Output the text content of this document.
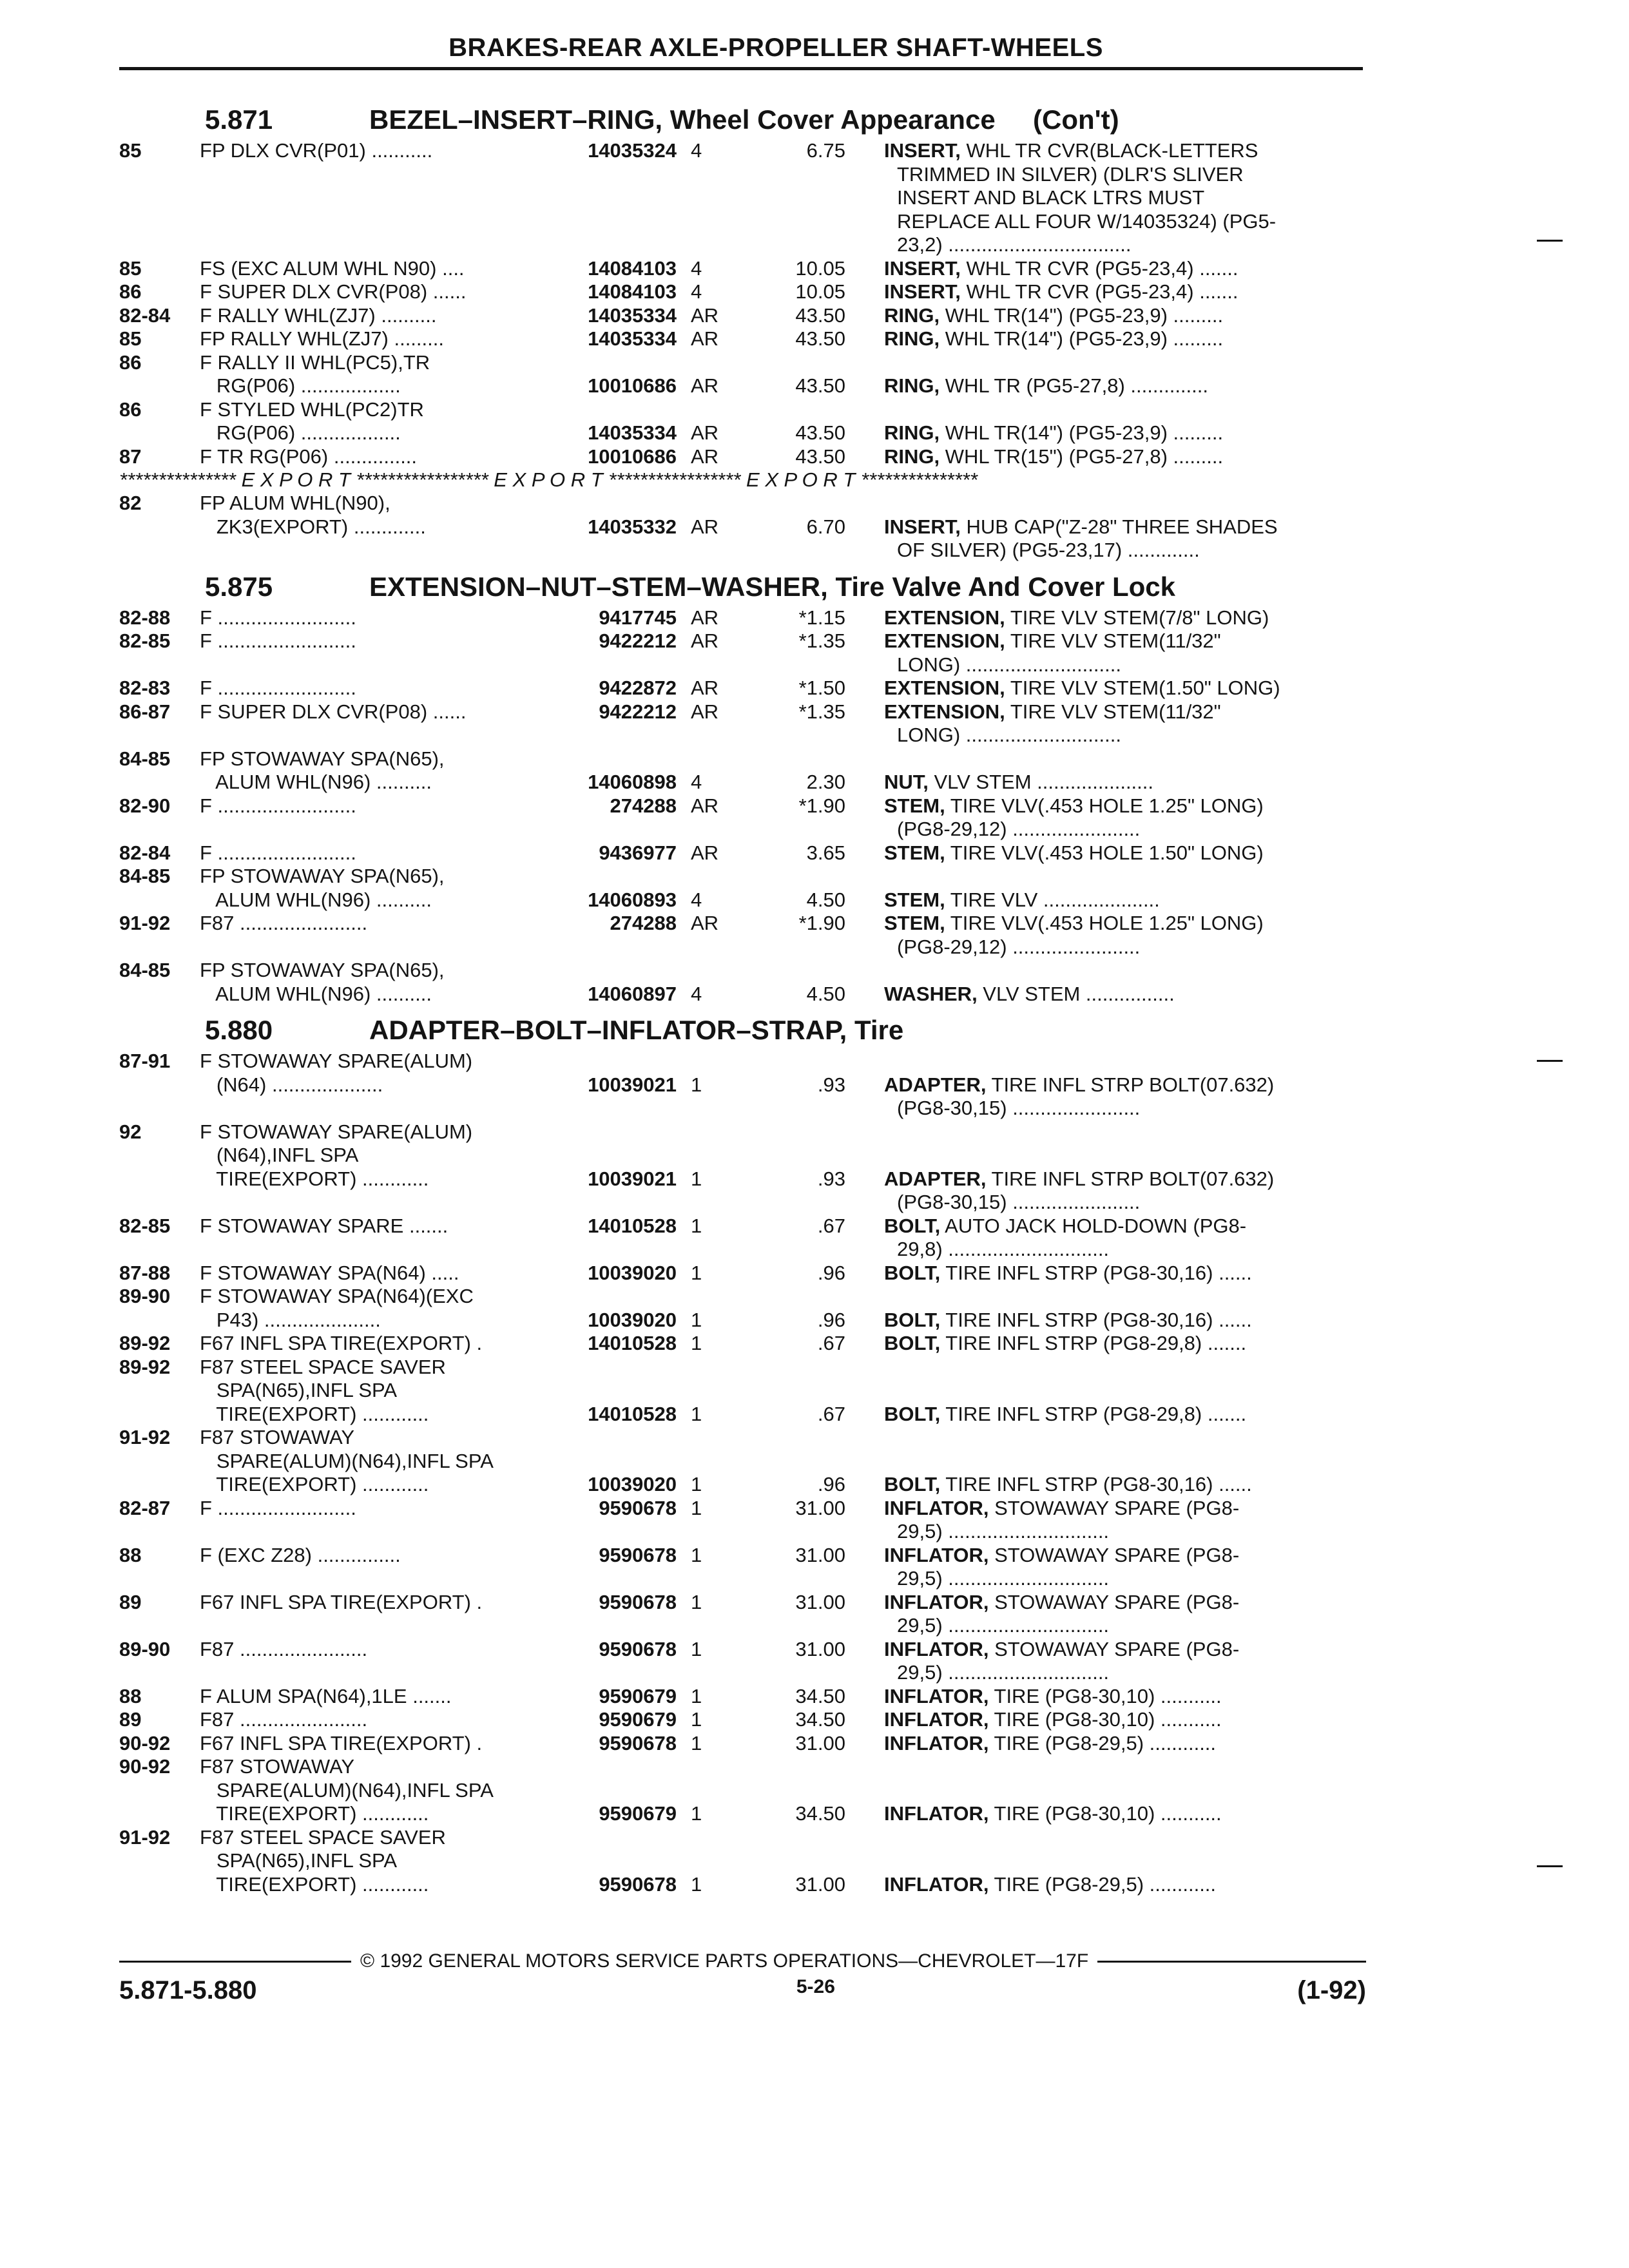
BRAKES-REAR AXLE-PROPELLER SHAFT-WHEELS
5.871	BEZEL–INSERT–RING, Wheel Cover Appearance     (Con't)
85	FP DLX CVR(P01) ...........	14035324 4	6.75	INSERT, WHL TR CVR(BLACK-LETTERS
TRIMMED IN SILVER) (DLR'S SLIVER
INSERT AND BLACK LTRS MUST
REPLACE ALL FOUR W/14035324) (PG5-
23,2) .................................
85	FS (EXC ALUM WHL N90) ....	14084103 4	10.05	INSERT, WHL TR CVR (PG5-23,4) .......
86	F SUPER DLX CVR(P08) ......	14084103 4	10.05	INSERT, WHL TR CVR (PG5-23,4) .......
82-84	F RALLY WHL(ZJ7) ..........	14035334 AR	43.50	RING, WHL TR(14") (PG5-23,9) .........
85	FP RALLY WHL(ZJ7) .........	14035334 AR	43.50	RING, WHL TR(14") (PG5-23,9) .........
86	F RALLY II WHL(PC5),TR
RG(P06) ..................	10010686 AR	43.50	RING, WHL TR (PG5-27,8) ..............
86	F STYLED WHL(PC2)TR
RG(P06) ..................	14035334 AR	43.50	RING, WHL TR(14") (PG5-23,9) .........
87	F TR RG(P06) ...............	10010686 AR	43.50	RING, WHL TR(15") (PG5-27,8) .........
*************** E X P O R T ***************** E X P O R T ***************** E X P O R T ***************
82	FP ALUM WHL(N90),
ZK3(EXPORT) .............	14035332 AR	6.70	INSERT, HUB CAP("Z-28" THREE SHADES
OF SILVER) (PG5-23,17) .............
5.875	EXTENSION–NUT–STEM–WASHER, Tire Valve And Cover Lock
82-88	F .........................	9417745 AR	*1.15	EXTENSION, TIRE VLV STEM(7/8" LONG)
82-85	F .........................	9422212 AR	*1.35	EXTENSION, TIRE VLV STEM(11/32"
LONG) ............................
82-83	F .........................	9422872 AR	*1.50	EXTENSION, TIRE VLV STEM(1.50" LONG)
86-87	F SUPER DLX CVR(P08) ......	9422212 AR	*1.35	EXTENSION, TIRE VLV STEM(11/32"
LONG) ............................
84-85	FP STOWAWAY SPA(N65),
ALUM WHL(N96) ..........	14060898 4	2.30	NUT, VLV STEM .....................
82-90	F .........................	274288 AR	*1.90	STEM, TIRE VLV(.453 HOLE 1.25" LONG)
(PG8-29,12) .......................
82-84	F .........................	9436977 AR	3.65	STEM, TIRE VLV(.453 HOLE 1.50" LONG)
84-85	FP STOWAWAY SPA(N65),
ALUM WHL(N96) ..........	14060893 4	4.50	STEM, TIRE VLV .....................
91-92	F87 .......................	274288 AR	*1.90	STEM, TIRE VLV(.453 HOLE 1.25" LONG)
(PG8-29,12) .......................
84-85	FP STOWAWAY SPA(N65),
ALUM WHL(N96) ..........	14060897 4	4.50	WASHER, VLV STEM ................
5.880	ADAPTER–BOLT–INFLATOR–STRAP, Tire
87-91	F STOWAWAY SPARE(ALUM)
(N64) ....................	10039021 1	.93	ADAPTER, TIRE INFL STRP BOLT(07.632)
(PG8-30,15) .......................
92	F STOWAWAY SPARE(ALUM)
(N64),INFL SPA
TIRE(EXPORT) ............	10039021 1	.93	ADAPTER, TIRE INFL STRP BOLT(07.632)
(PG8-30,15) .......................
82-85	F STOWAWAY SPARE .......	14010528 1	.67	BOLT, AUTO JACK HOLD-DOWN (PG8-
29,8) .............................
87-88	F STOWAWAY SPA(N64) .....	10039020 1	.96	BOLT, TIRE INFL STRP (PG8-30,16) ......
89-90	F STOWAWAY SPA(N64)(EXC
P43) .....................	10039020 1	.96	BOLT, TIRE INFL STRP (PG8-30,16) ......
89-92	F67 INFL SPA TIRE(EXPORT) .	14010528 1	.67	BOLT, TIRE INFL STRP (PG8-29,8) .......
89-92	F87 STEEL SPACE SAVER
SPA(N65),INFL SPA
TIRE(EXPORT) ............	14010528 1	.67	BOLT, TIRE INFL STRP (PG8-29,8) .......
91-92	F87 STOWAWAY
SPARE(ALUM)(N64),INFL SPA
TIRE(EXPORT) ............	10039020 1	.96	BOLT, TIRE INFL STRP (PG8-30,16) ......
82-87	F .........................	9590678 1	31.00	INFLATOR, STOWAWAY SPARE (PG8-
29,5) .............................
88	F (EXC Z28) ...............	9590678 1	31.00	INFLATOR, STOWAWAY SPARE (PG8-
29,5) .............................
89	F67 INFL SPA TIRE(EXPORT) .	9590678 1	31.00	INFLATOR, STOWAWAY SPARE (PG8-
29,5) .............................
89-90	F87 .......................	9590678 1	31.00	INFLATOR, STOWAWAY SPARE (PG8-
29,5) .............................
88	F ALUM SPA(N64),1LE .......	9590679 1	34.50	INFLATOR, TIRE (PG8-30,10) ...........
89	F87 .......................	9590679 1	34.50	INFLATOR, TIRE (PG8-30,10) ...........
90-92	F67 INFL SPA TIRE(EXPORT) .	9590678 1	31.00	INFLATOR, TIRE (PG8-29,5) ............
90-92	F87 STOWAWAY
SPARE(ALUM)(N64),INFL SPA
TIRE(EXPORT) ............	9590679 1	34.50	INFLATOR, TIRE (PG8-30,10) ...........
91-92	F87 STEEL SPACE SAVER
SPA(N65),INFL SPA
TIRE(EXPORT) ............	9590678 1	31.00	INFLATOR, TIRE (PG8-29,5) ............
© 1992 GENERAL MOTORS SERVICE PARTS OPERATIONS—CHEVROLET—17F
5.871-5.880	5-26	(1-92)
